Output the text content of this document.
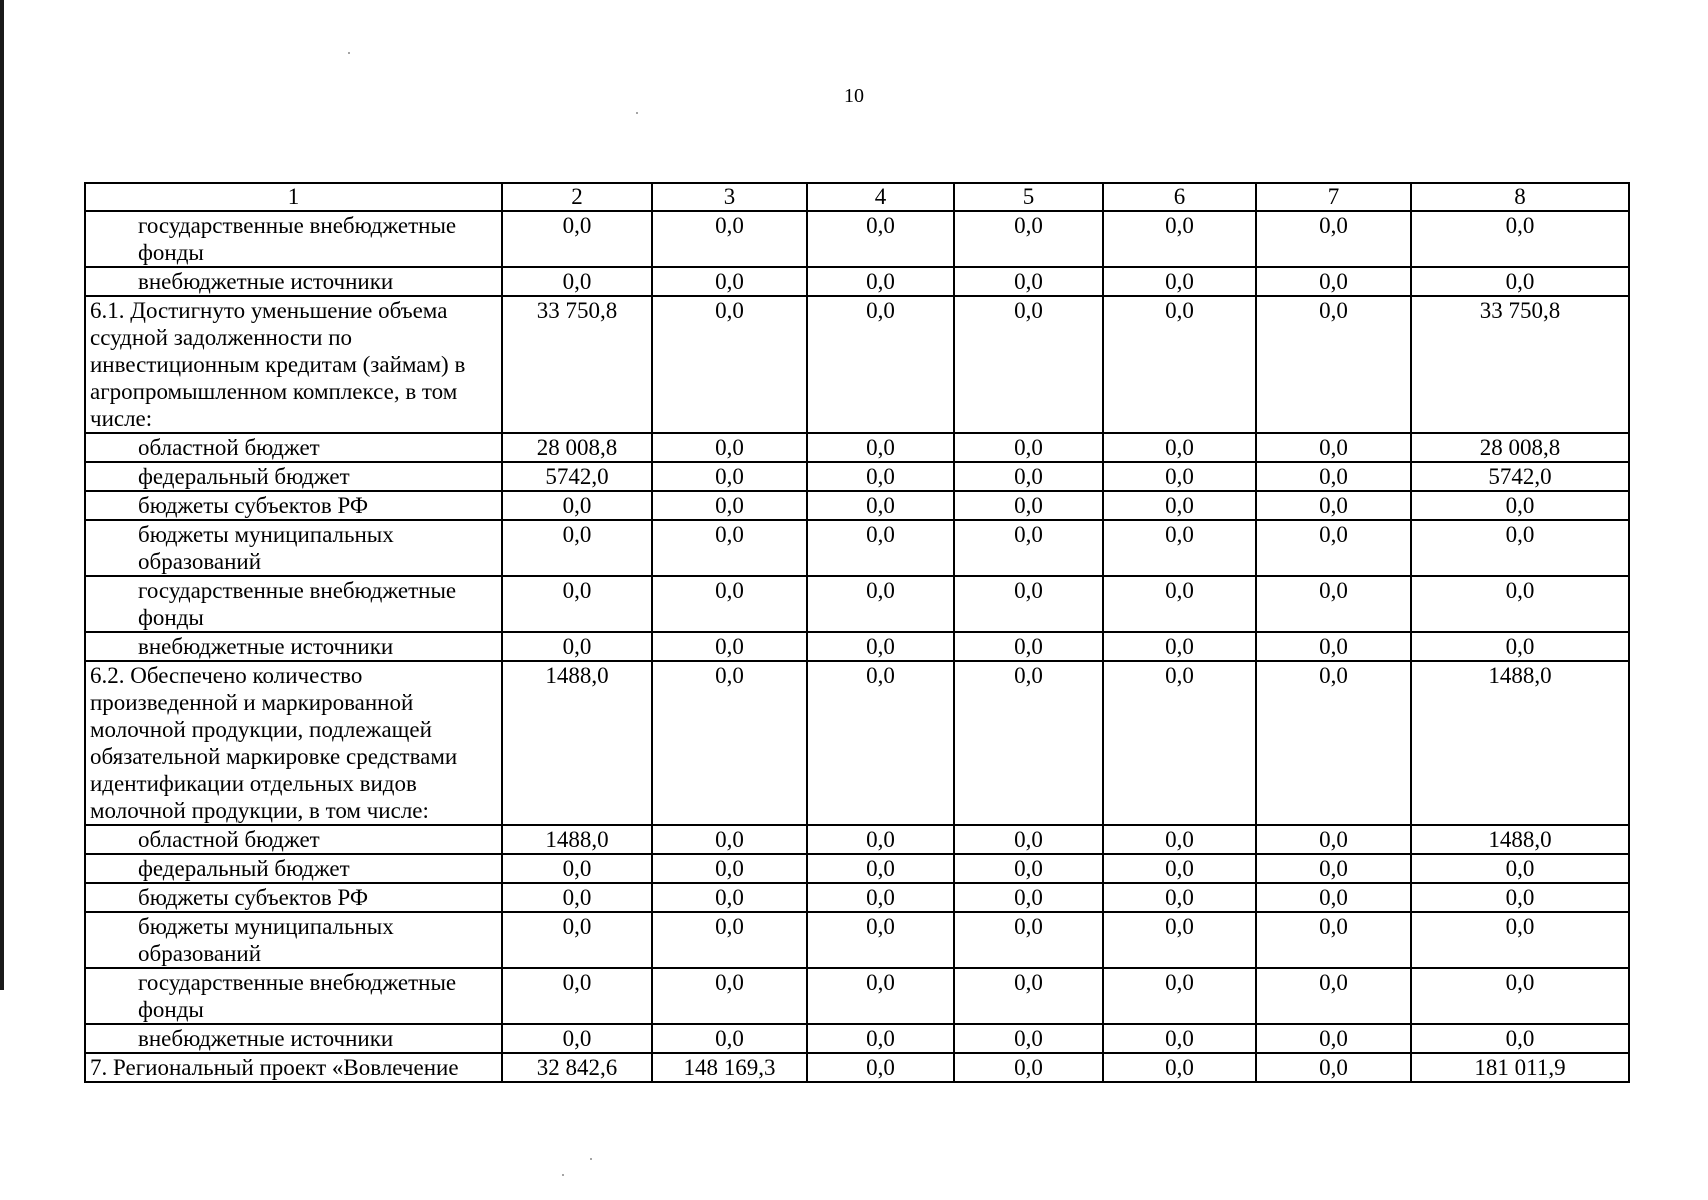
10
1	2	3	4	5	6	7	8

государственные внебюджетные фонды	0,0	0,0	0,0	0,0	0,0	0,0	0,0

внебюджетные источники	0,0	0,0	0,0	0,0	0,0	0,0	0,0
6.1. Достигнуто уменьшение объема ссудной задолженности по инвестиционным кредитам (займам) в агропромышленном комплексе, в том числе:	33 750,8	0,0	0,0	0,0	0,0	0,0	33 750,8

областной бюджет	28 008,8	0,0	0,0	0,0	0,0	0,0	28 008,8

федеральный бюджет	5742,0	0,0	0,0	0,0	0,0	0,0	5742,0

бюджеты субъектов РФ	0,0	0,0	0,0	0,0	0,0	0,0	0,0

бюджеты муниципальных образований	0,0	0,0	0,0	0,0	0,0	0,0	0,0

государственные внебюджетные фонды	0,0	0,0	0,0	0,0	0,0	0,0	0,0

внебюджетные источники	0,0	0,0	0,0	0,0	0,0	0,0	0,0
6.2. Обеспечено количество произведенной и маркированной молочной продукции, подлежащей обязательной маркировке средствами идентификации отдельных видов молочной продукции, в том числе:	1488,0	0,0	0,0	0,0	0,0	0,0	1488,0

областной бюджет	1488,0	0,0	0,0	0,0	0,0	0,0	1488,0

федеральный бюджет	0,0	0,0	0,0	0,0	0,0	0,0	0,0

бюджеты субъектов РФ	0,0	0,0	0,0	0,0	0,0	0,0	0,0

бюджеты муниципальных образований	0,0	0,0	0,0	0,0	0,0	0,0	0,0

государственные внебюджетные фонды	0,0	0,0	0,0	0,0	0,0	0,0	0,0

внебюджетные источники	0,0	0,0	0,0	0,0	0,0	0,0	0,0
7. Региональный проект «Вовлечение	32 842,6	148 169,3	0,0	0,0	0,0	0,0	181 011,9
